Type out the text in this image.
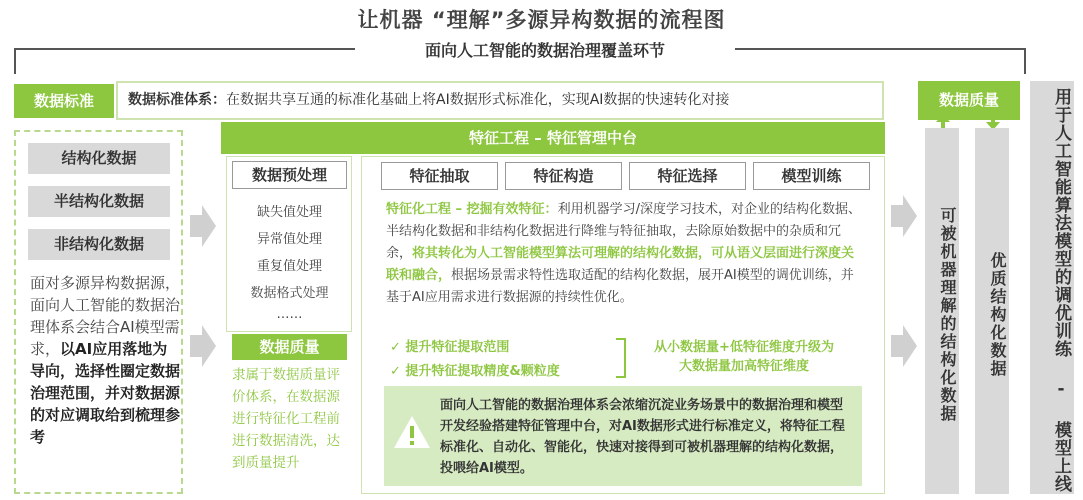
让机器 “理解”多源异构数据的流程图
面向人工智能的数据治理覆盖环节
数据标准	数据标准体系：在数据共享互通的标准化基础上将AI数据形式标准化，实现AI数据的快速转化对接
结构化数据
半结构化数据
非结构化数据
面对多源异构数据源，面向人工智能的数据治理体系会结合AI模型需求，以AI应用落地为导向，选择性圈定数据治理范围，并对数据源的对应调取给到梳理参考
特征工程 – 特征管理中台
数据预处理
缺失值处理
异常值处理
重复值处理
数据格式处理
……
数据质量
隶属于数据质量评价体系，在数据源进行特征化工程前进行数据清洗，达到质量提升
特征抽取	特征构造	特征选择	模型训练
特征化工程 – 挖掘有效特征：利用机器学习/深度学习技术，对企业的结构化数据、半结构化数据和非结构化数据进行降维与特征抽取，去除原始数据中的杂质和冗余，将其转化为人工智能模型算法可理解的结构化数据，可从语义层面进行深度关联和融合，根据场景需求特性选取适配的结构化数据，展开AI模型的调优训练，并基于AI应用需求进行数据源的持续性优化。
✓ 提升特征提取范围
✓ 提升特征提取精度&颗粒度
从小数据量+低特征维度升级为
大数据量加高特征维度
面向人工智能的数据治理体系会浓缩沉淀业务场景中的数据治理和模型开发经验搭建特征管理中台，对AI数据形式进行标准定义，将特征工程标准化、自动化、智能化，快速对接得到可被机器理解的结构化数据，投喂给AI模型。
数据质量
可被机器理解的结构化数据	优质结构化数据	用于人工智能算法模型的调优训练 - 模型上线
